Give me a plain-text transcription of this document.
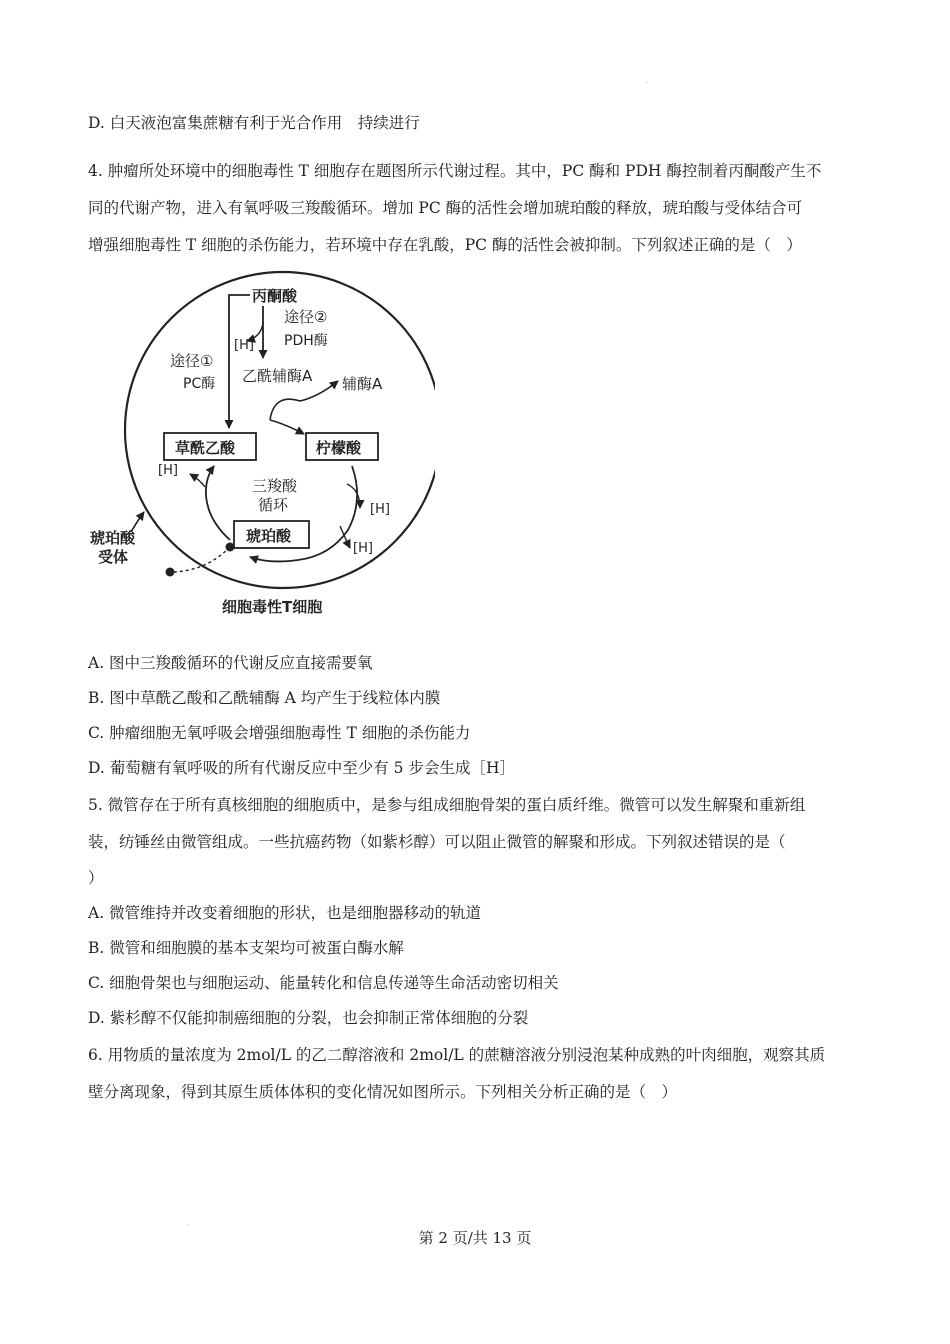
.
.
D. 白天液泡富集蔗糖有利于光合作用　持续进行
4. 肿瘤所处环境中的细胞毒性 T 细胞存在题图所示代谢过程。其中，PC 酶和 PDH 酶控制着丙酮酸产生不
同的代谢产物，进入有氧呼吸三羧酸循环。增加 PC 酶的活性会增加琥珀酸的释放，琥珀酸与受体结合可
增强细胞毒性 T 细胞的杀伤能力，若环境中存在乳酸，PC 酶的活性会被抑制。下列叙述正确的是（　）
丙酮酸
途径①
PC酶
[H]
途径②
PDH酶
乙酰辅酶A 辅酶A
草酰乙酸	柠檬酸
三羧酸
循环
琥珀酸
[H]
[H]
[H]
琥珀酸
受体
细胞毒性T细胞
A. 图中三羧酸循环的代谢反应直接需要氧
B. 图中草酰乙酸和乙酰辅酶 A 均产生于线粒体内膜
C. 肿瘤细胞无氧呼吸会增强细胞毒性 T 细胞的杀伤能力
D. 葡萄糖有氧呼吸的所有代谢反应中至少有 5 步会生成［H］
5. 微管存在于所有真核细胞的细胞质中，是参与组成细胞骨架的蛋白质纤维。微管可以发生解聚和重新组
装，纺锤丝由微管组成。一些抗癌药物（如紫杉醇）可以阻止微管的解聚和形成。下列叙述错误的是（
）
A. 微管维持并改变着细胞的形状，也是细胞器移动的轨道
B. 微管和细胞膜的基本支架均可被蛋白酶水解
C. 细胞骨架也与细胞运动、能量转化和信息传递等生命活动密切相关
D. 紫杉醇不仅能抑制癌细胞的分裂，也会抑制正常体细胞的分裂
6. 用物质的量浓度为 2mol/L 的乙二醇溶液和 2mol/L 的蔗糖溶液分别浸泡某种成熟的叶肉细胞，观察其质
壁分离现象，得到其原生质体体积的变化情况如图所示。下列相关分析正确的是（　）
第 2 页/共 13 页
